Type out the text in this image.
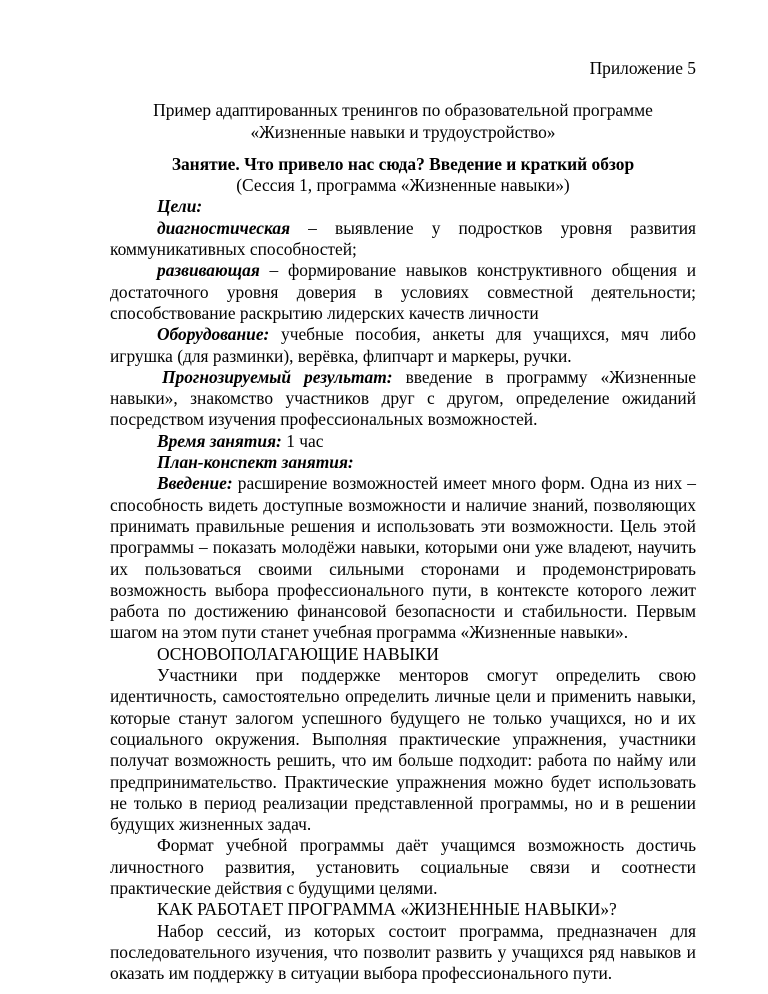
Приложение 5

Пример адаптированных тренингов по образовательной программе

«Жизненные навыки и трудоустройство»

Занятие. Что привело нас сюда? Введение и краткий обзор

(Сессия 1, программа «Жизненные навыки»)

Цели:

диагностическая – выявление у подростков уровня развития коммуникативных способностей;

развивающая – формирование навыков конструктивного общения и достаточного уровня доверия в условиях совместной деятельности; способствование раскрытию лидерских качеств личности

Оборудование: учебные пособия, анкеты для учащихся, мяч либо игрушка (для разминки), верёвка, флипчарт и маркеры, ручки.

Прогнозируемый результат: введение в программу «Жизненные навыки», знакомство участников друг с другом, определение ожиданий посредством изучения профессиональных возможностей.

Время занятия: 1 час

План-конспект занятия:

Введение: расширение возможностей имеет много форм. Одна из них – способность видеть доступные возможности и наличие знаний, позволяющих принимать правильные решения и использовать эти возможности. Цель этой программы – показать молодёжи навыки, которыми они уже владеют, научить их пользоваться своими сильными сторонами и продемонстрировать возможность выбора профессионального пути, в контексте которого лежит работа по достижению финансовой безопасности и стабильности. Первым шагом на этом пути станет учебная программа «Жизненные навыки».

ОСНОВОПОЛАГАЮЩИЕ НАВЫКИ

Участники при поддержке менторов смогут определить свою идентичность, самостоятельно определить личные цели и применить навыки, которые станут залогом успешного будущего не только учащихся, но и их социального окружения. Выполняя практические упражнения, участники получат возможность решить, что им больше подходит: работа по найму или предпринимательство. Практические упражнения можно будет использовать не только в период реализации представленной программы, но и в решении будущих жизненных задач.

Формат учебной программы даёт учащимся возможность достичь личностного развития, установить социальные связи и соотнести практические действия с будущими целями.

КАК РАБОТАЕТ ПРОГРАММА «ЖИЗНЕННЫЕ НАВЫКИ»?

Набор сессий, из которых состоит программа, предназначен для последовательного изучения, что позволит развить у учащихся ряд навыков и оказать им поддержку в ситуации выбора профессионального пути.
